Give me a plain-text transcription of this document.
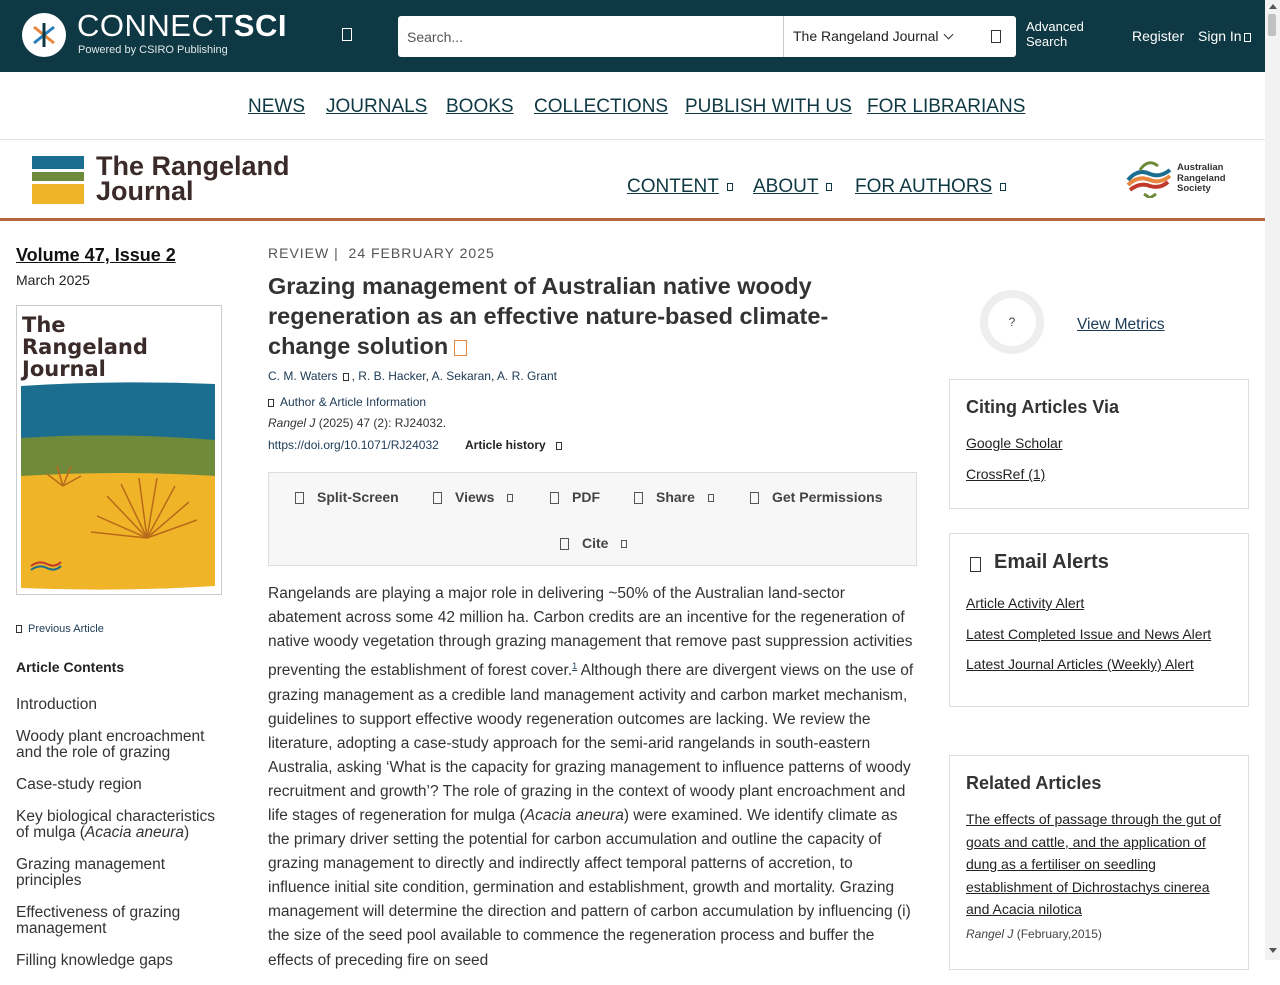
CONNECTSCI
Powered by CSIRO Publishing
Search...
The Rangeland Journal
Advanced
Search	Register Sign In
NEWS JOURNALS BOOKS COLLECTIONS PUBLISH WITH US FOR LIBRARIANS
The Rangeland
Journal	CONTENT	ABOUT	FOR AUTHORS
Australian
Rangeland
Society
Volume 47, Issue 2
March 2025
The
Rangeland
Journal
Previous Article
Article Contents
Introduction
Woody plant encroachment and the role of grazing
Case-study region
Key biological characteristics of mulga (Acacia aneura)
Grazing management principles
Effectiveness of grazing management
Filling knowledge gaps
REVIEW | 24 FEBRUARY 2025
Grazing management of Australian native woody regeneration as an effective nature-based climate-change solution
C. M. Waters , R. B. Hacker, A. Sekaran, A. R. Grant
Author & Article Information
Rangel J (2025) 47 (2): RJ24032.
https://doi.org/10.1071/RJ24032 Article history
Split-Screen	Views	PDF	Share	Get Permissions
Cite
Rangelands are playing a major role in delivering ~50% of the Australian land-sector abatement across some 42 million ha. Carbon credits are an incentive for the regeneration of native woody vegetation through grazing management that remove past suppression activities preventing the establishment of forest cover.$^1$ Although there are divergent views on the use of grazing management as a credible land management activity and carbon market mechanism, guidelines to support effective woody regeneration outcomes are lacking. We review the literature, adopting a case-study approach for the semi-arid rangelands in south-eastern Australia, asking ‘What is the capacity for grazing management to influence patterns of woody recruitment and growth’? The role of grazing in the context of woody plant encroachment and life stages of regeneration for mulga (Acacia aneura) were examined. We identify climate as the primary driver setting the potential for carbon accumulation and outline the capacity of grazing management to directly and indirectly affect temporal patterns of accretion, to influence initial site condition, germination and establishment, growth and mortality. Grazing management will determine the direction and pattern of carbon accumulation by influencing (i) the size of the seed pool available to commence the regeneration process and buffer the effects of preceding fire on seed
?	View Metrics
Citing Articles Via
Google Scholar
CrossRef (1)
Email Alerts
Article Activity Alert
Latest Completed Issue and News Alert
Latest Journal Articles (Weekly) Alert
Related Articles
The effects of passage through the gut of goats and cattle, and the application of dung as a fertiliser on seedling establishment of Dichrostachys cinerea and Acacia nilotica
Rangel J (February,2015)
